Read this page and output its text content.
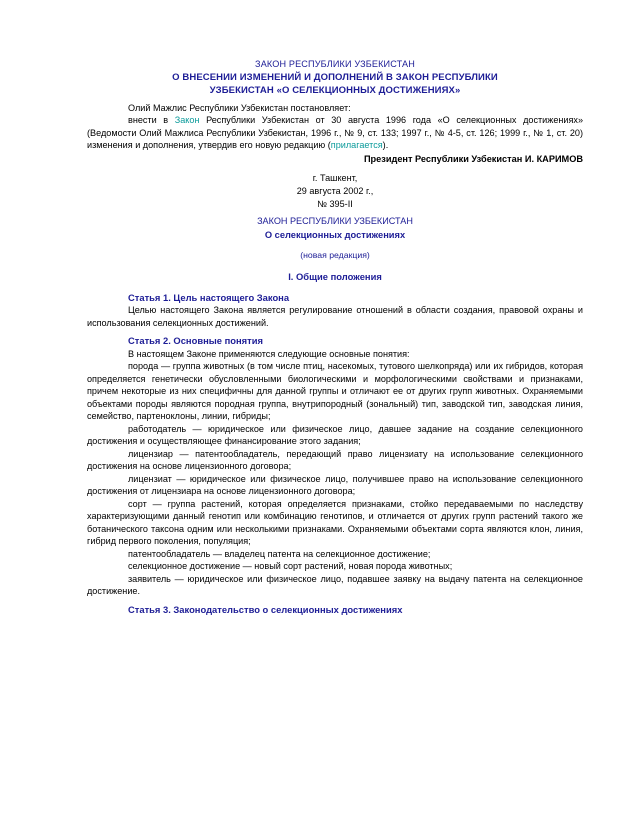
ЗАКОН РЕСПУБЛИКИ УЗБЕКИСТАН
О ВНЕСЕНИИ ИЗМЕНЕНИЙ И ДОПОЛНЕНИЙ В ЗАКОН РЕСПУБЛИКИ
УЗБЕКИСТАН «О СЕЛЕКЦИОННЫХ ДОСТИЖЕНИЯХ»

Олий Мажлис Республики Узбекистан постановляет:

внести в Закон Республики Узбекистан от 30 августа 1996 года «О селекционных достижениях» (Ведомости Олий Мажлиса Республики Узбекистан, 1996 г., № 9, ст. 133; 1997 г., № 4-5, ст. 126; 1999 г., № 1, ст. 20) изменения и дополнения, утвердив его новую редакцию (прилагается).

Президент Республики Узбекистан И. КАРИМОВ
г. Ташкент,
29 августа 2002 г.,
№ 395-II
ЗАКОН РЕСПУБЛИКИ УЗБЕКИСТАН
О селекционных достижениях
(новая редакция)
I. Общие положения
Статья 1. Цель настоящего Закона

Целью настоящего Закона является регулирование отношений в области создания, правовой охраны и использования селекционных достижений.

Статья 2. Основные понятия

В настоящем Законе применяются следующие основные понятия:

порода — группа животных (в том числе птиц, насекомых, тутового шелкопряда) или их гибридов, которая определяется генетически обусловленными биологическими и морфологическими свойствами и признаками, причем некоторые из них специфичны для данной группы и отличают ее от других групп животных. Охраняемыми объектами породы являются породная группа, внутрипородный (зональный) тип, заводской тип, заводская линия, семейство, партеноклоны, линии, гибриды;

работодатель — юридическое или физическое лицо, давшее задание на создание селекционного достижения и осуществляющее финансирование этого задания;

лицензиар — патентообладатель, передающий право лицензиату на использование селекционного достижения на основе лицензионного договора;

лицензиат — юридическое или физическое лицо, получившее право на использование селекционного достижения от лицензиара на основе лицензионного договора;

сорт — группа растений, которая определяется признаками, стойко передаваемыми по наследству характеризующими данный генотип или комбинацию генотипов, и отличается от других групп растений такого же ботанического таксона одним или несколькими признаками. Охраняемыми объектами сорта являются клон, линия, гибрид первого поколения, популяция;

патентообладатель — владелец патента на селекционное достижение;

селекционное достижение — новый сорт растений, новая порода животных;

заявитель — юридическое или физическое лицо, подавшее заявку на выдачу патента на селекционное достижение.

Статья 3. Законодательство о селекционных достижениях
